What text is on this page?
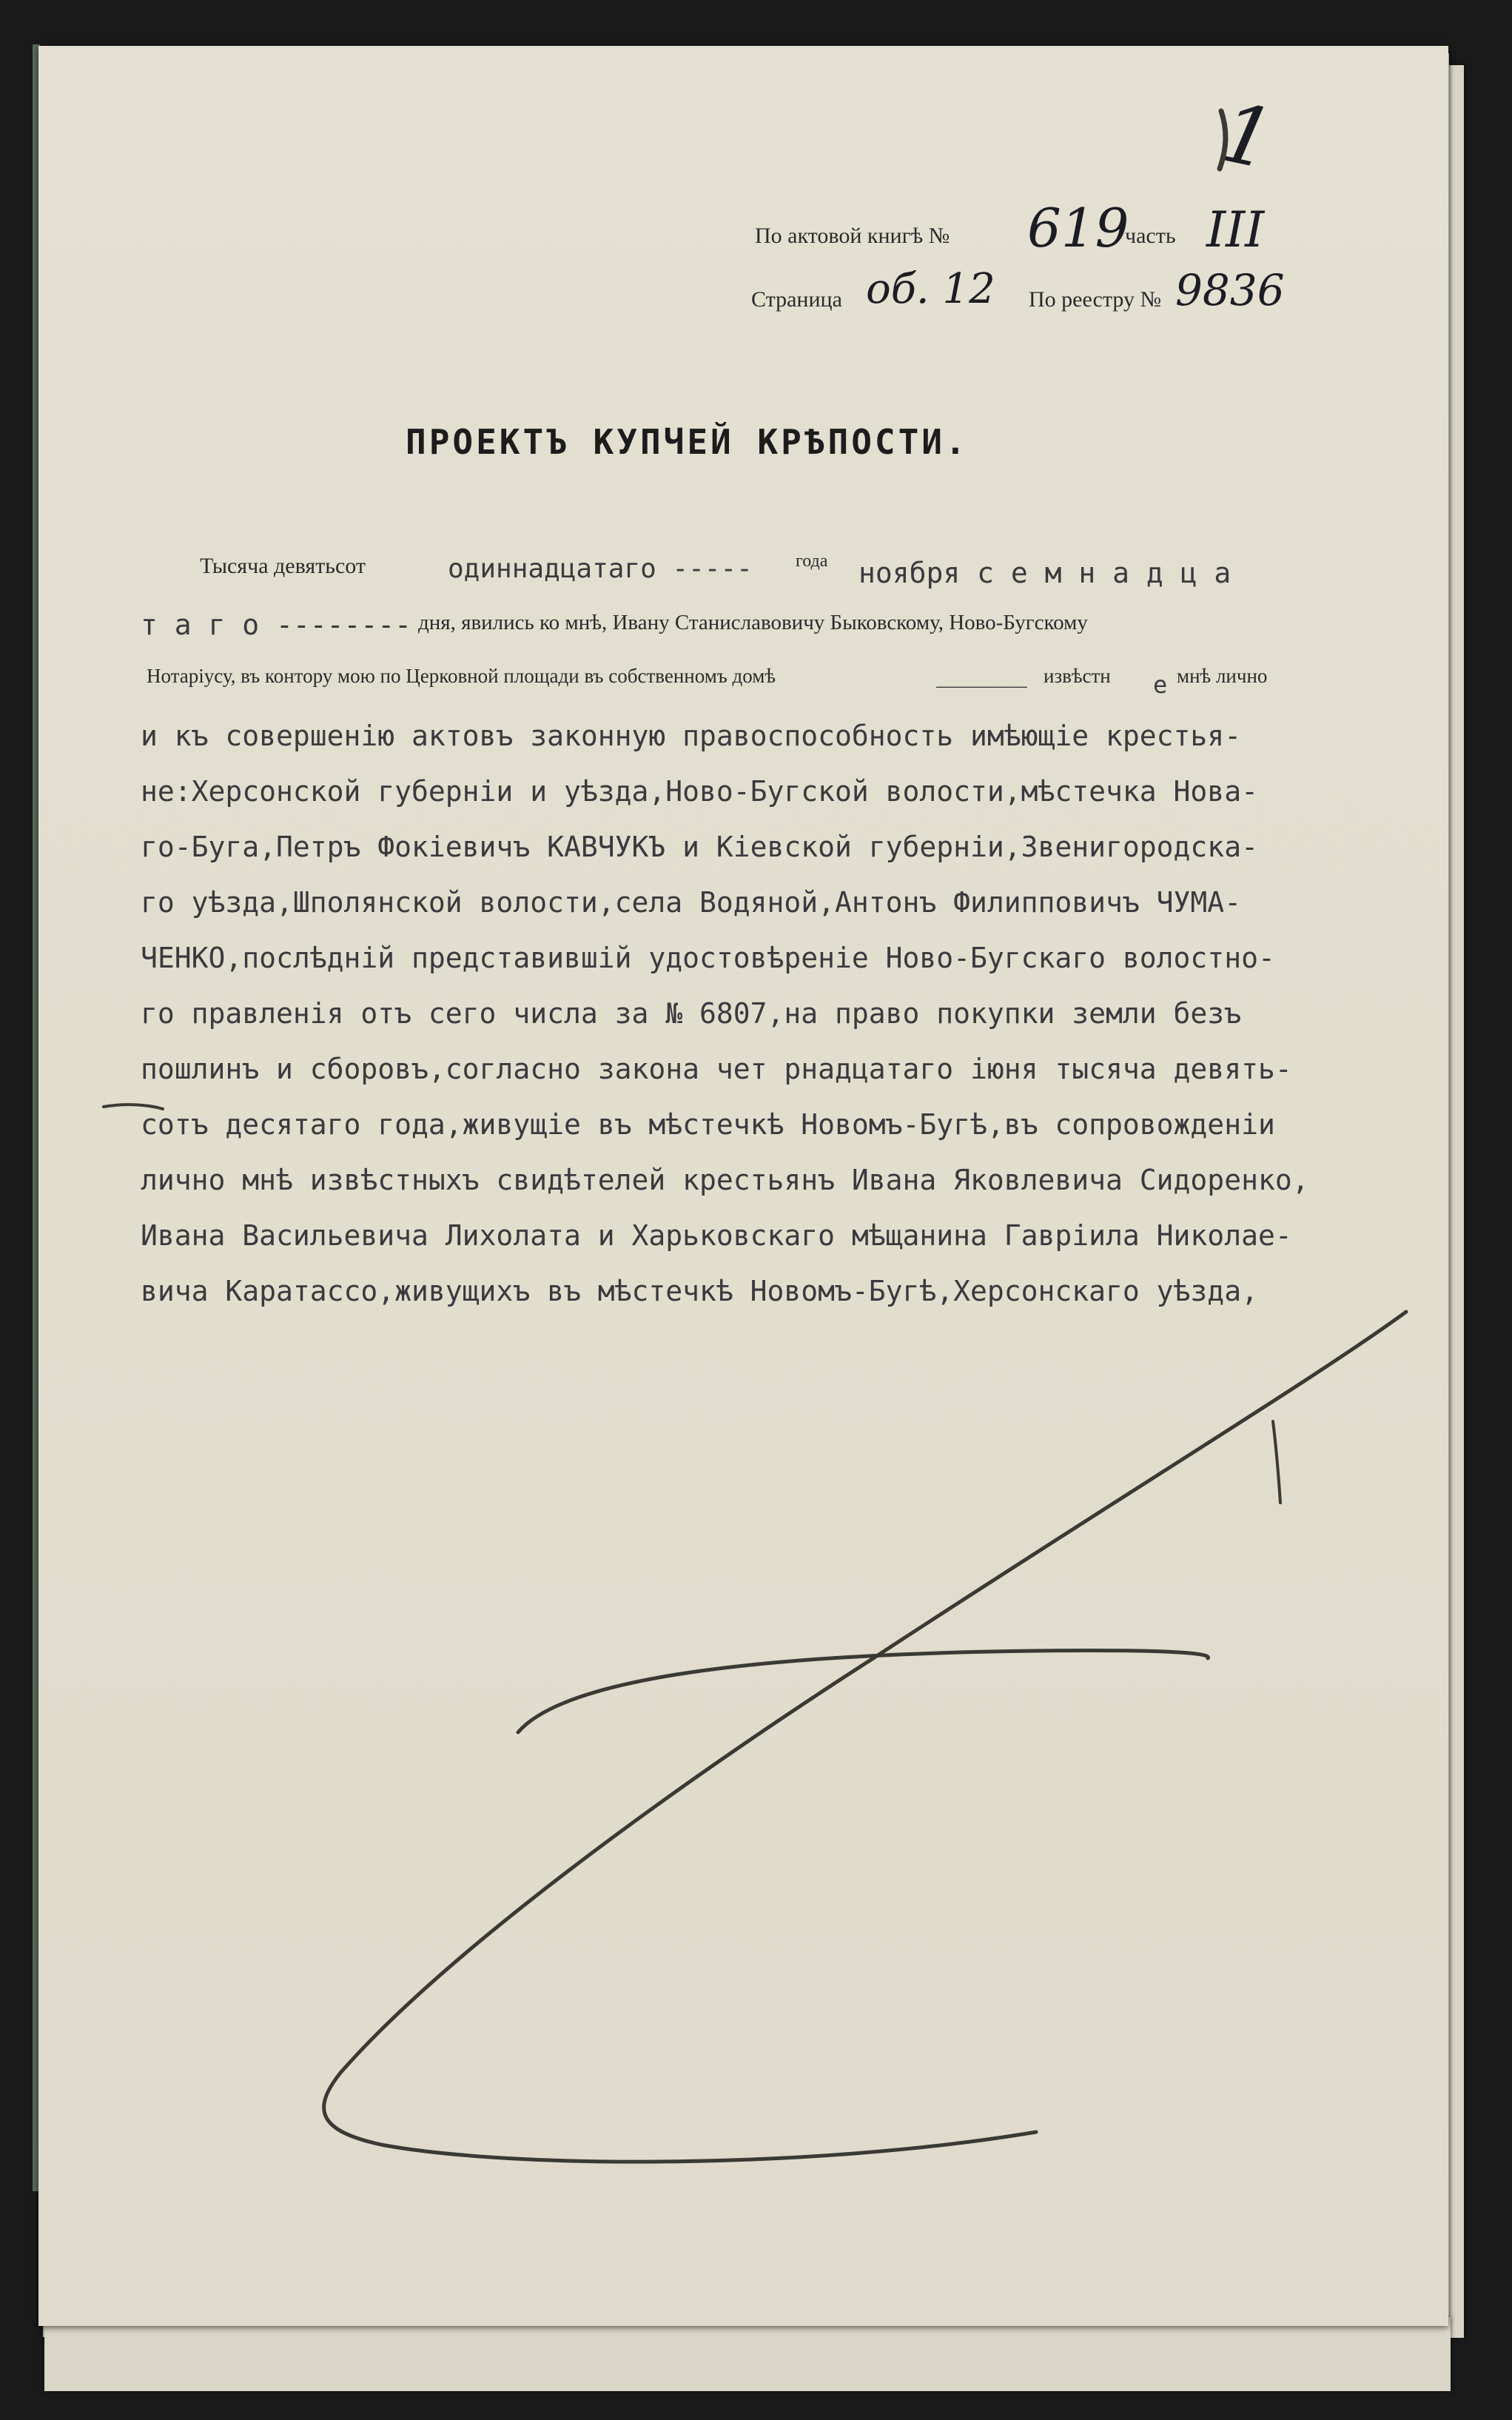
1
По актовой книгѣ № 619
часть III
Страница об. 12 По реестру № 9836
ПРОЕКТЪ КУПЧЕЙ КРѢПОСТИ.
Тысяча девятьсот	одиннадцатаго ----- года ноября с е м н а д ц а
т а г о -------- дня, явились ко мнѣ, Ивану Станиславовичу Быковскому, Ново-Бугскому
Нотаріусу, въ контору мою по Церковной площади въ собственномъ домѣ	______ извѣстн е мнѣ лично
и къ совершенію актовъ законную правоспособность имѣющіе крестья-
не:Херсонской губерніи и уѣзда,Ново-Бугской волости,мѣстечка Нова-
го-Буга,Петръ Фокіевичъ КАВЧУКЪ и Кіевской губерніи,Звенигородска-
го уѣзда,Шполянской волости,села Водяной,Антонъ Филипповичъ ЧУМА-
ЧЕНКО,послѣдній представившій удостовѣреніе Ново-Бугскаго волостно-
го правленія отъ сего числа за № 6807,на право покупки земли безъ
пошлинъ и сборовъ,согласно закона чет рнадцатаго іюня тысяча девять-
сотъ десятаго года,живущіе въ мѣстечкѣ Новомъ-Бугѣ,въ сопровожденіи
лично мнѣ извѣстныхъ свидѣтелей крестьянъ Ивана Яковлевича Сидоренко,
Ивана Васильевича Лихолата и Харьковскаго мѣщанина Гавріила Николае-
вича Каратассо,живущихъ въ мѣстечкѣ Новомъ-Бугѣ,Херсонскаго уѣзда,
